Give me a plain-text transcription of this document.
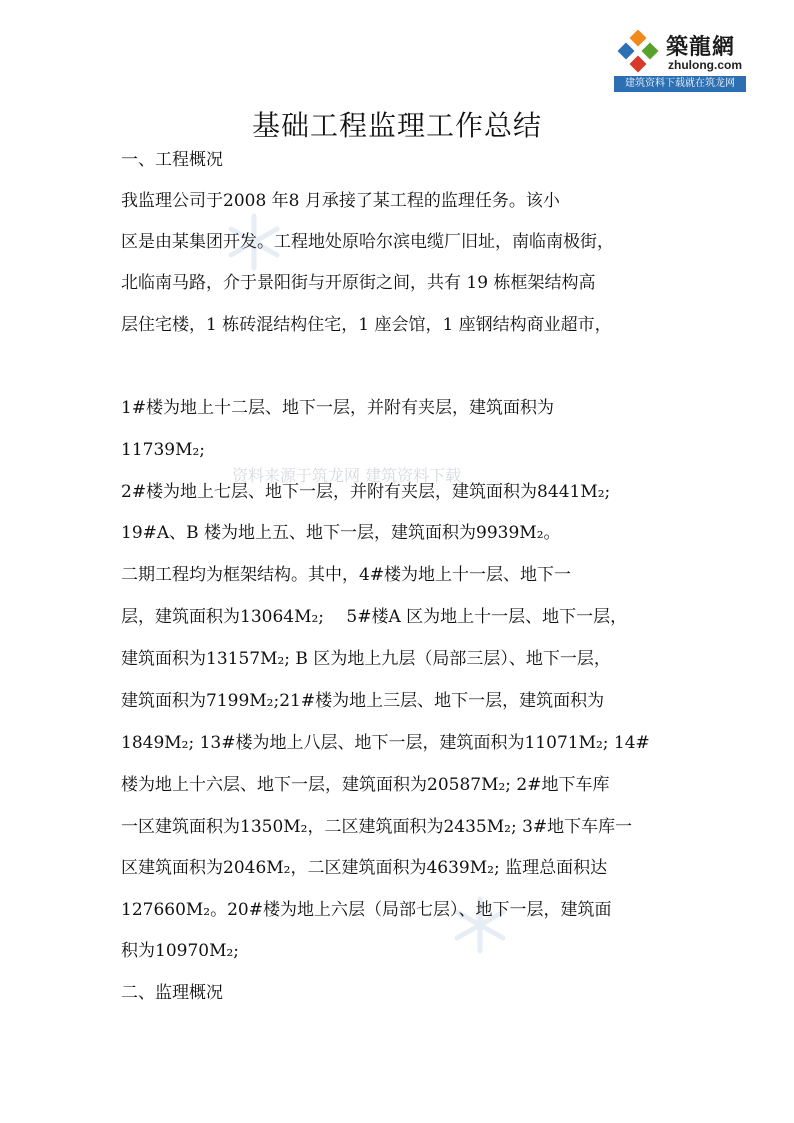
築龍網
zhulong.com
建筑资料下载就在筑龙网
资料来源于筑龙网 建筑资料下载
基础工程监理工作总结
一、工程概况
我监理公司于2008 年8 月承接了某工程的监理任务。该小
区是由某集团开发。工程地处原哈尔滨电缆厂旧址，南临南极街，
北临南马路，介于景阳街与开原街之间，共有 19 栋框架结构高
层住宅楼，1 栋砖混结构住宅，1 座会馆，1 座钢结构商业超市，
1#楼为地上十二层、地下一层，并附有夹层，建筑面积为
11739M₂;
2#楼为地上七层、地下一层，并附有夹层，建筑面积为8441M₂;
19#A、B 楼为地上五、地下一层，建筑面积为9939M₂。
二期工程均为框架结构。其中，4#楼为地上十一层、地下一
层，建筑面积为13064M₂;　 5#楼A 区为地上十一层、地下一层，
建筑面积为13157M₂; B 区为地上九层（局部三层）、地下一层，
建筑面积为7199M₂;21#楼为地上三层、地下一层，建筑面积为
1849M₂; 13#楼为地上八层、地下一层，建筑面积为11071M₂; 14#
楼为地上十六层、地下一层，建筑面积为20587M₂; 2#地下车库
一区建筑面积为1350M₂，二区建筑面积为2435M₂; 3#地下车库一
区建筑面积为2046M₂，二区建筑面积为4639M₂; 监理总面积达
127660M₂。20#楼为地上六层（局部七层）、地下一层，建筑面
积为10970M₂;
二、监理概况
